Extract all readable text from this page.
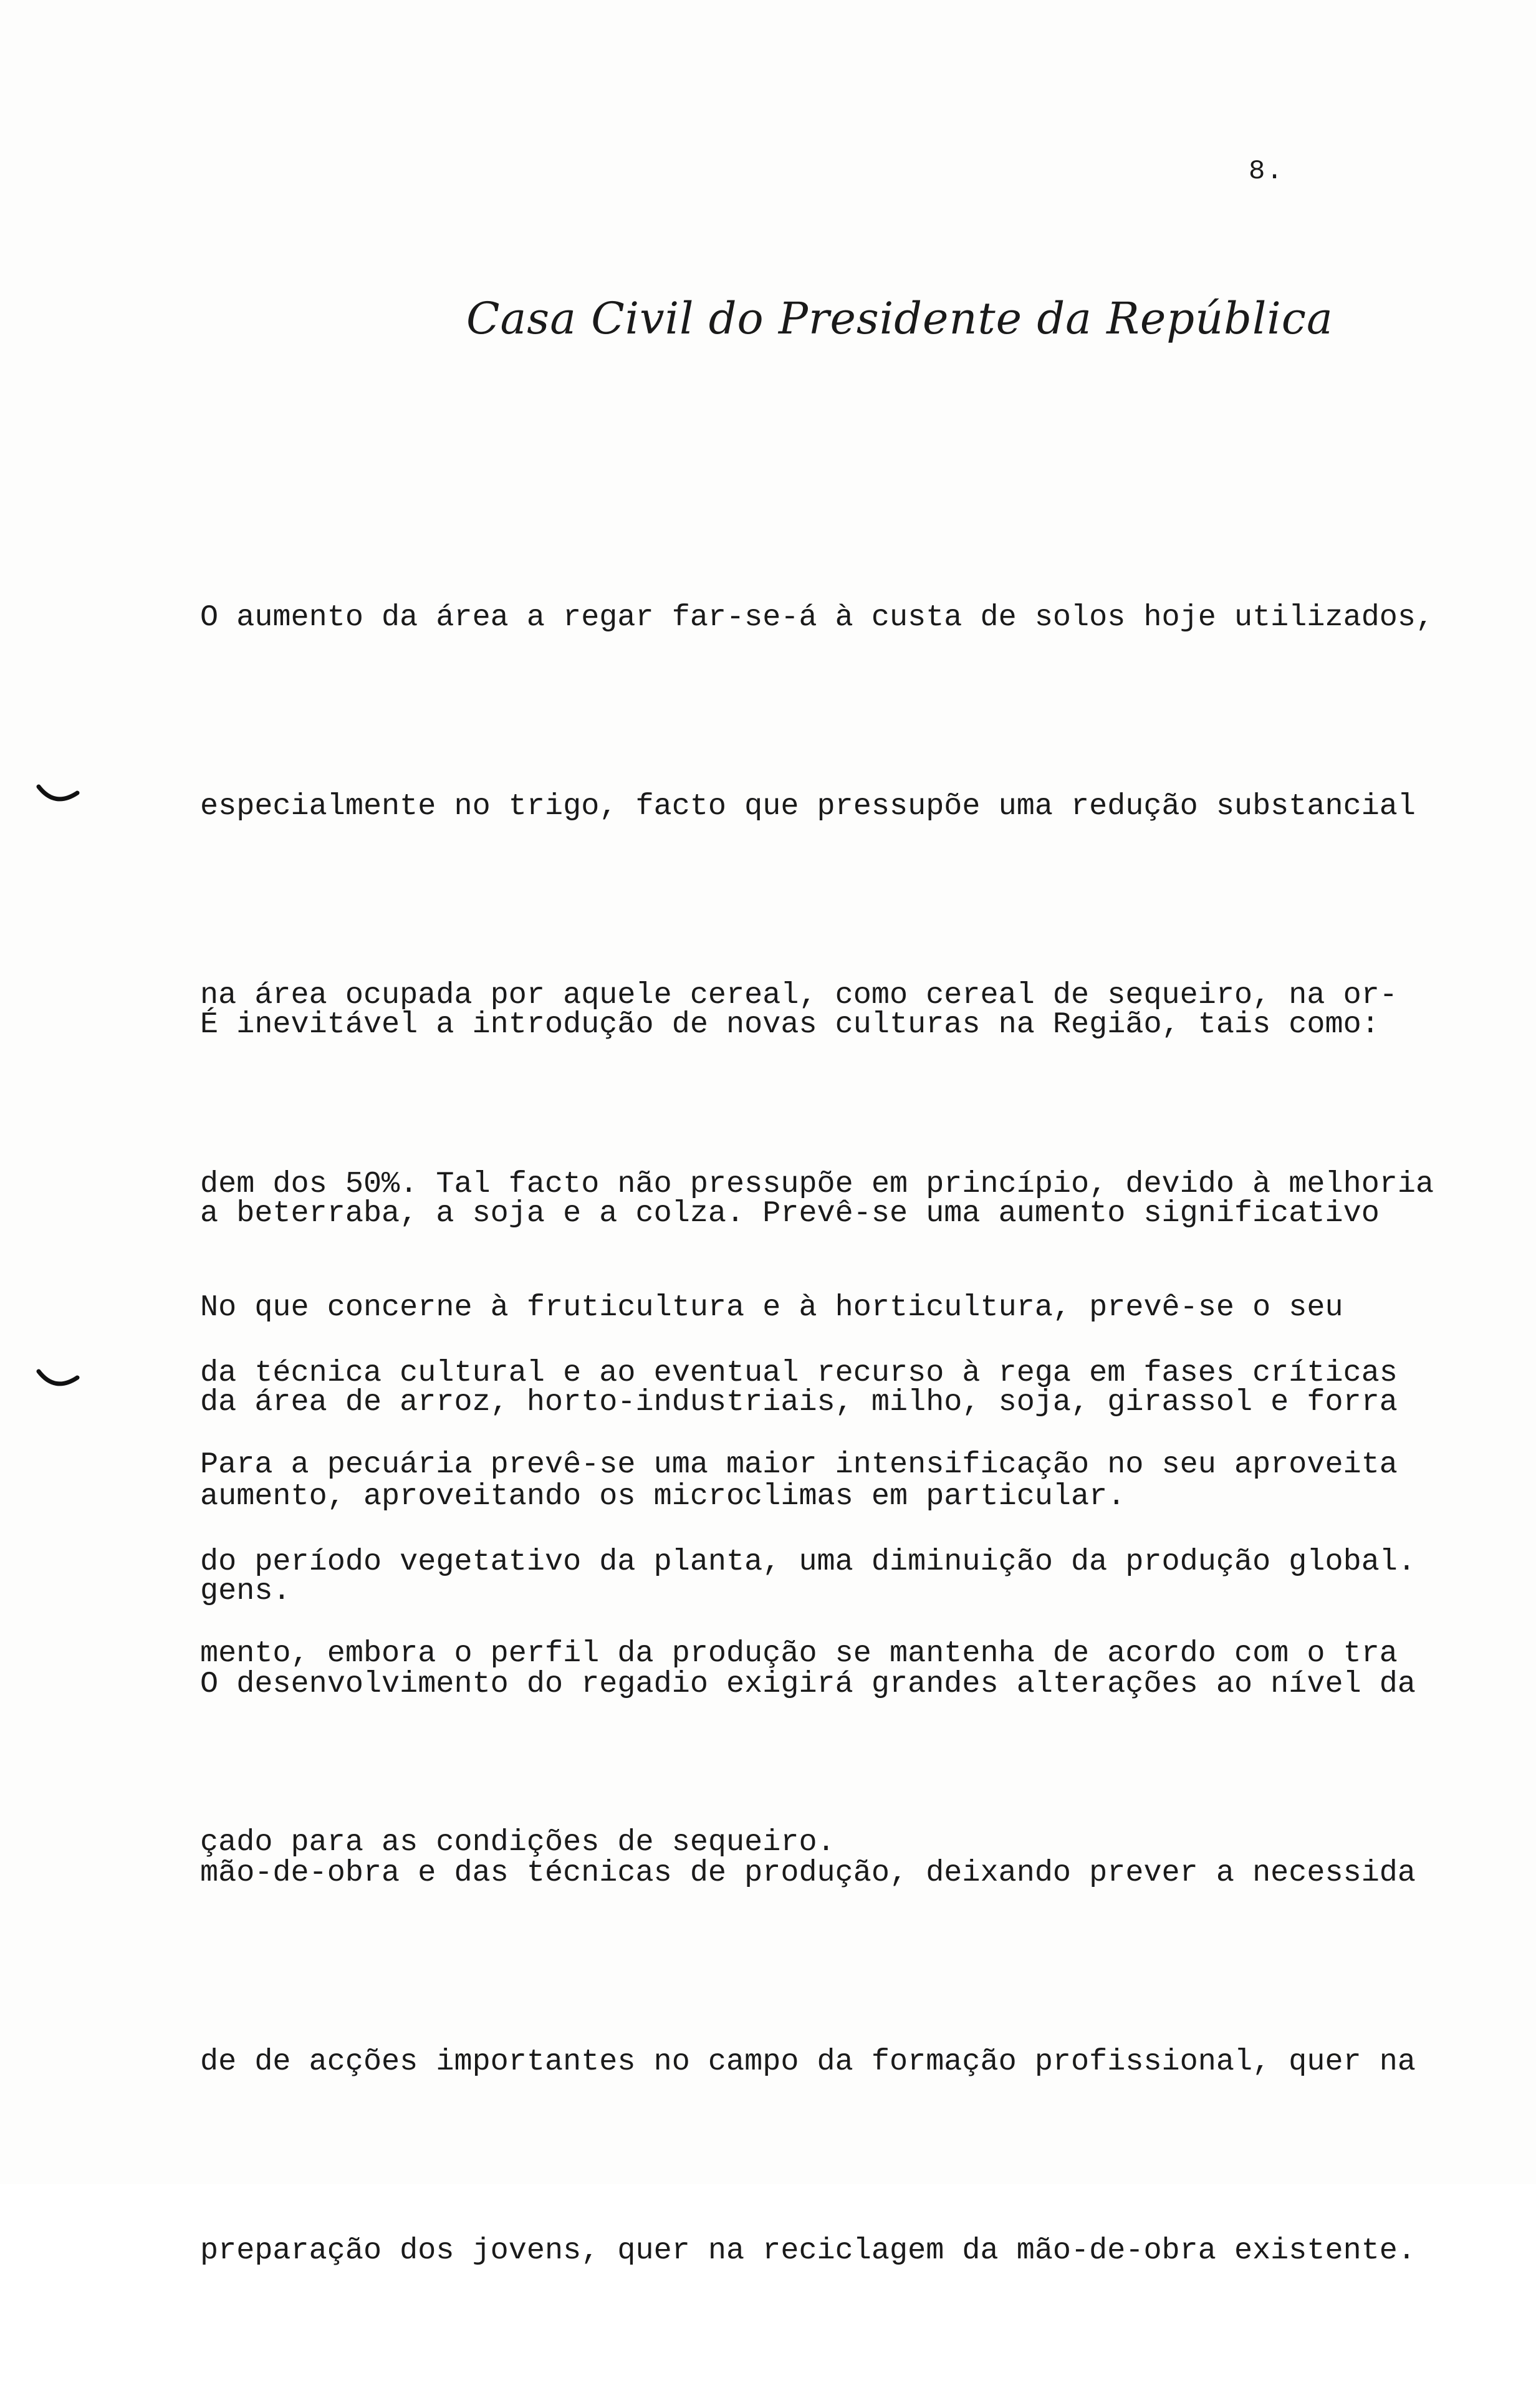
8.
Casa Civil do Presidente da República

O aumento da área a regar far-se-á à custa de solos hoje utilizados,

especialmente no trigo, facto que pressupõe uma redução substancial

na área ocupada por aquele cereal, como cereal de sequeiro, na or-

dem dos 50%. Tal facto não pressupõe em princípio, devido à melhoria

da técnica cultural e ao eventual recurso à rega em fases críticas

do período vegetativo da planta, uma diminuição da produção global.

É inevitável a introdução de novas culturas na Região, tais como:

a beterraba, a soja e a colza. Prevê-se uma aumento significativo

da área de arroz, horto-industriais, milho, soja, girassol e forra

gens.

No que concerne à fruticultura e à horticultura, prevê-se o seu

aumento, aproveitando os microclimas em particular.

Para a pecuária prevê-se uma maior intensificação no seu aproveita

mento, embora o perfil da produção se mantenha de acordo com o tra

çado para as condições de sequeiro.

O desenvolvimento do regadio exigirá grandes alterações ao nível da

mão-de-obra e das técnicas de produção, deixando prever a necessida

de de acções importantes no campo da formação profissional, quer na

preparação dos jovens, quer na reciclagem da mão-de-obra existente.
